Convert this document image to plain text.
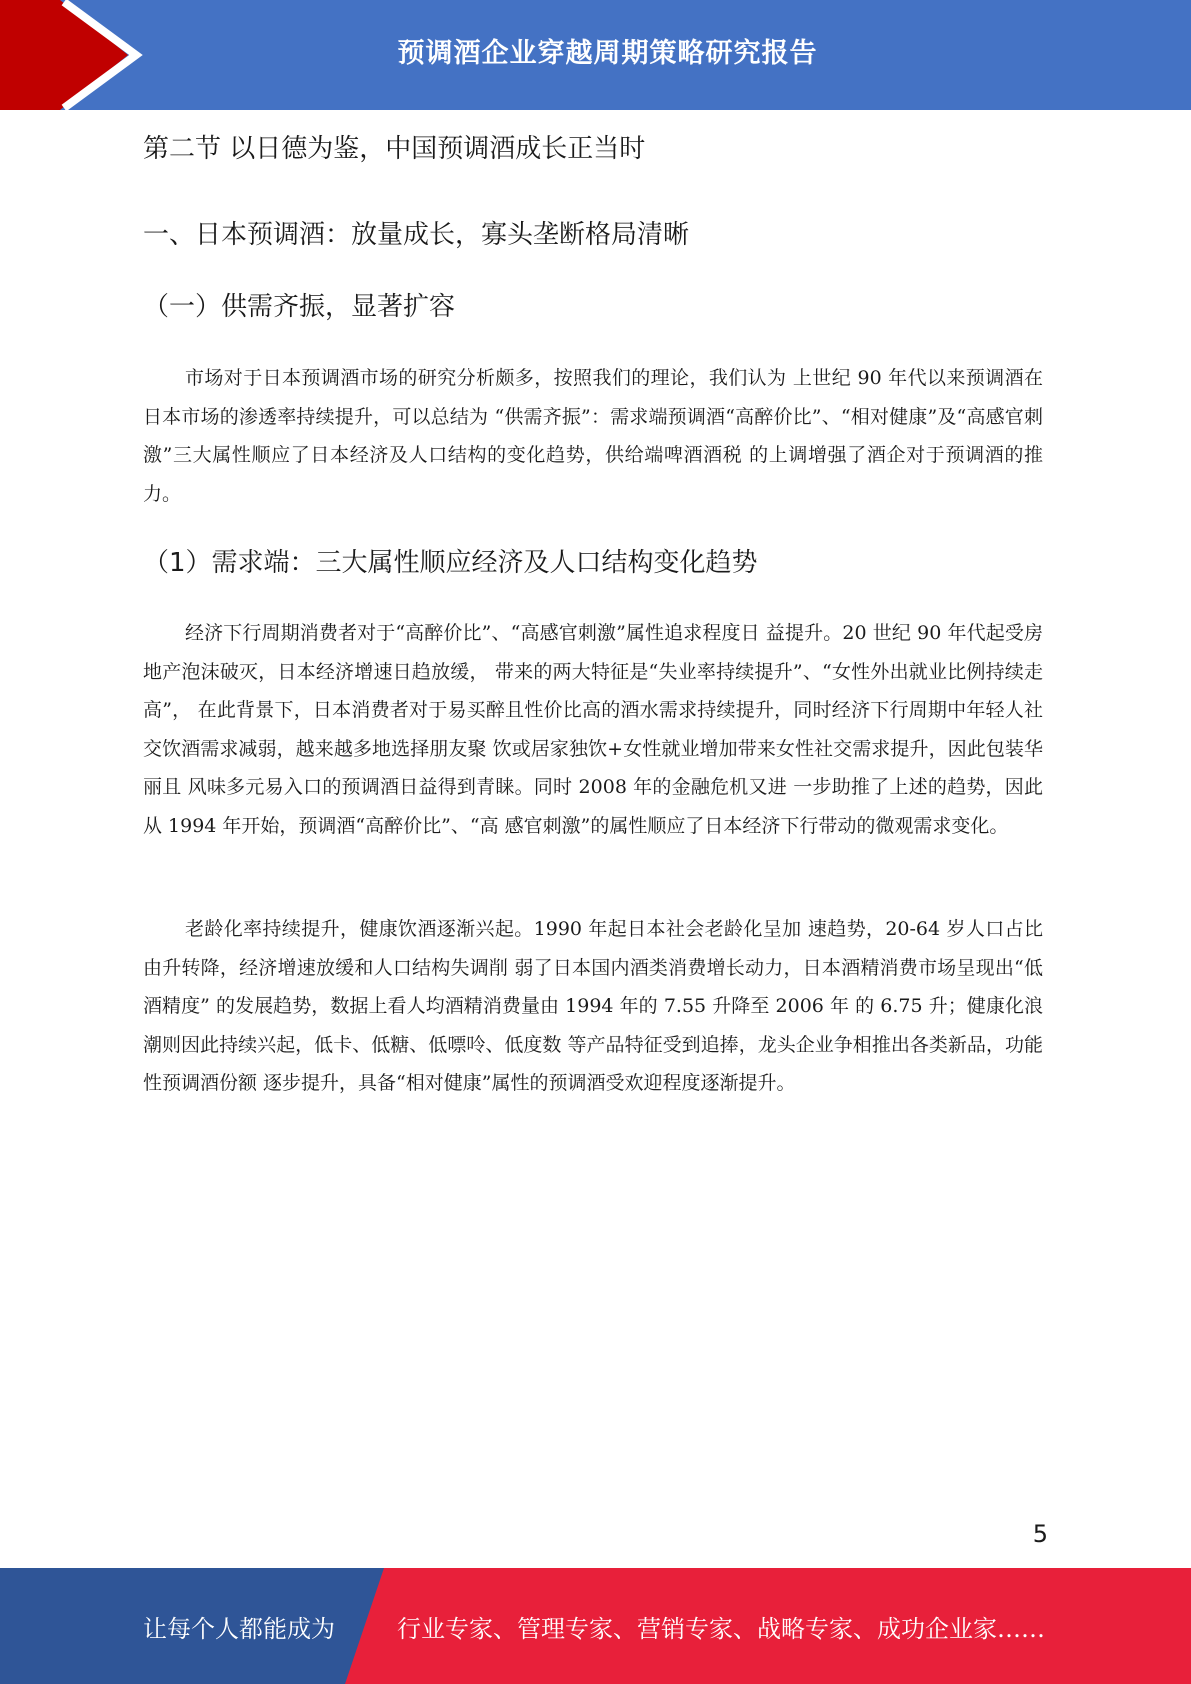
预调酒企业穿越周期策略研究报告
第二节 以日德为鉴，中国预调酒成长正当时
一、日本预调酒：放量成长，寡头垄断格局清晰
（一）供需齐振，显著扩容

市场对于日本预调酒市场的研究分析颇多，按照我们的理论，我们认为 上世纪 90 年代以来预调酒在日本市场的渗透率持续提升，可以总结为 “供需齐振”：需求端预调酒“高醉价比”、“相对健康”及“高感官刺 激”三大属性顺应了日本经济及人口结构的变化趋势，供给端啤酒酒税 的上调增强了酒企对于预调酒的推力。

（1）需求端：三大属性顺应经济及人口结构变化趋势

经济下行周期消费者对于“高醉价比”、“高感官刺激”属性追求程度日 益提升。20 世纪 90 年代起受房地产泡沫破灭，日本经济增速日趋放缓， 带来的两大特征是“失业率持续提升”、“女性外出就业比例持续走高”， 在此背景下，日本消费者对于易买醉且性价比高的酒水需求持续提升，同时经济下行周期中年轻人社交饮酒需求减弱，越来越多地选择朋友聚 饮或居家独饮+女性就业增加带来女性社交需求提升，因此包装华丽且 风味多元易入口的预调酒日益得到青睐。同时 2008 年的金融危机又进 一步助推了上述的趋势，因此从 1994 年开始，预调酒“高醉价比”、“高 感官刺激”的属性顺应了日本经济下行带动的微观需求变化。

老龄化率持续提升，健康饮酒逐渐兴起。1990 年起日本社会老龄化呈加 速趋势，20-64 岁人口占比由升转降，经济增速放缓和人口结构失调削 弱了日本国内酒类消费增长动力，日本酒精消费市场呈现出“低酒精度” 的发展趋势，数据上看人均酒精消费量由 1994 年的 7.55 升降至 2006 年 的 6.75 升；健康化浪潮则因此持续兴起，低卡、低糖、低嘌呤、低度数 等产品特征受到追捧，龙头企业争相推出各类新品，功能性预调酒份额 逐步提升，具备“相对健康”属性的预调酒受欢迎程度逐渐提升。

5
让每个人都能成为	行业专家、管理专家、营销专家、战略专家、成功企业家……
